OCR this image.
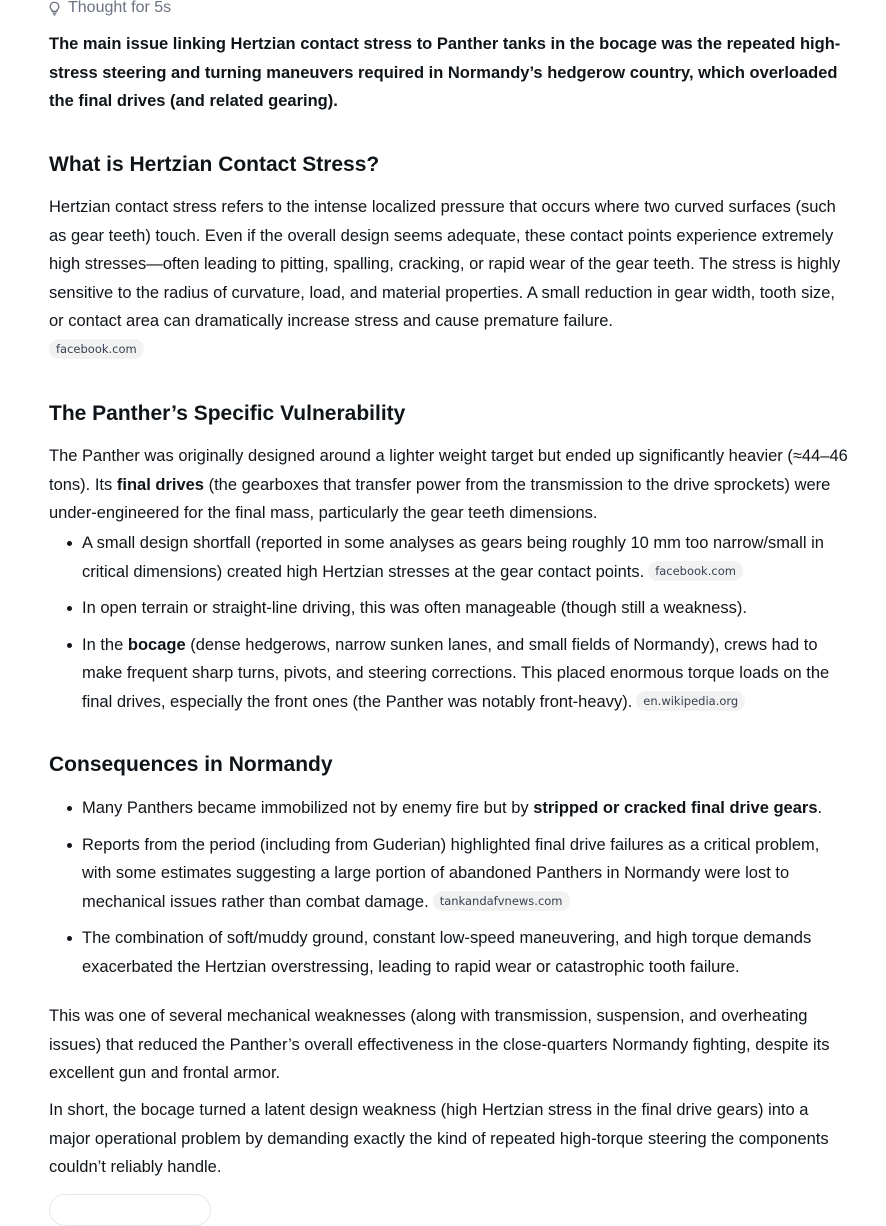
Thought for 5s

The main issue linking Hertzian contact stress to Panther tanks in the bocage was the repeated high-stress steering and turning maneuvers required in Normandy’s hedgerow country, which overloaded the final drives (and related gearing).

What is Hertzian Contact Stress?

Hertzian contact stress refers to the intense localized pressure that occurs where two curved surfaces (such as gear teeth) touch. Even if the overall design seems adequate, these contact points experience extremely high stresses—often leading to pitting, spalling, cracking, or rapid wear of the gear teeth. The stress is highly sensitive to the radius of curvature, load, and material properties. A small reduction in gear width, tooth size, or contact area can dramatically increase stress and cause premature failure.
facebook.com

The Panther’s Specific Vulnerability

The Panther was originally designed around a lighter weight target but ended up significantly heavier (≈44–46 tons). Its final drives (the gearboxes that transfer power from the transmission to the drive sprockets) were under-engineered for the final mass, particularly the gear teeth dimensions.

A small design shortfall (reported in some analyses as gears being roughly 10 mm too narrow/small in critical dimensions) created high Hertzian stresses at the gear contact points. facebook.com
In open terrain or straight-line driving, this was often manageable (though still a weakness).
In the bocage (dense hedgerows, narrow sunken lanes, and small fields of Normandy), crews had to make frequent sharp turns, pivots, and steering corrections. This placed enormous torque loads on the final drives, especially the front ones (the Panther was notably front-heavy). en.wikipedia.org
Consequences in Normandy
Many Panthers became immobilized not by enemy fire but by stripped or cracked final drive gears.
Reports from the period (including from Guderian) highlighted final drive failures as a critical problem, with some estimates suggesting a large portion of abandoned Panthers in Normandy were lost to mechanical issues rather than combat damage. tankandafvnews.com
The combination of soft/muddy ground, constant low-speed maneuvering, and high torque demands exacerbated the Hertzian overstressing, leading to rapid wear or catastrophic tooth failure.

This was one of several mechanical weaknesses (along with transmission, suspension, and overheating issues) that reduced the Panther’s overall effectiveness in the close-quarters Normandy fighting, despite its excellent gun and frontal armor.

In short, the bocage turned a latent design weakness (high Hertzian stress in the final drive gears) into a major operational problem by demanding exactly the kind of repeated high-torque steering the components couldn’t reliably handle.
